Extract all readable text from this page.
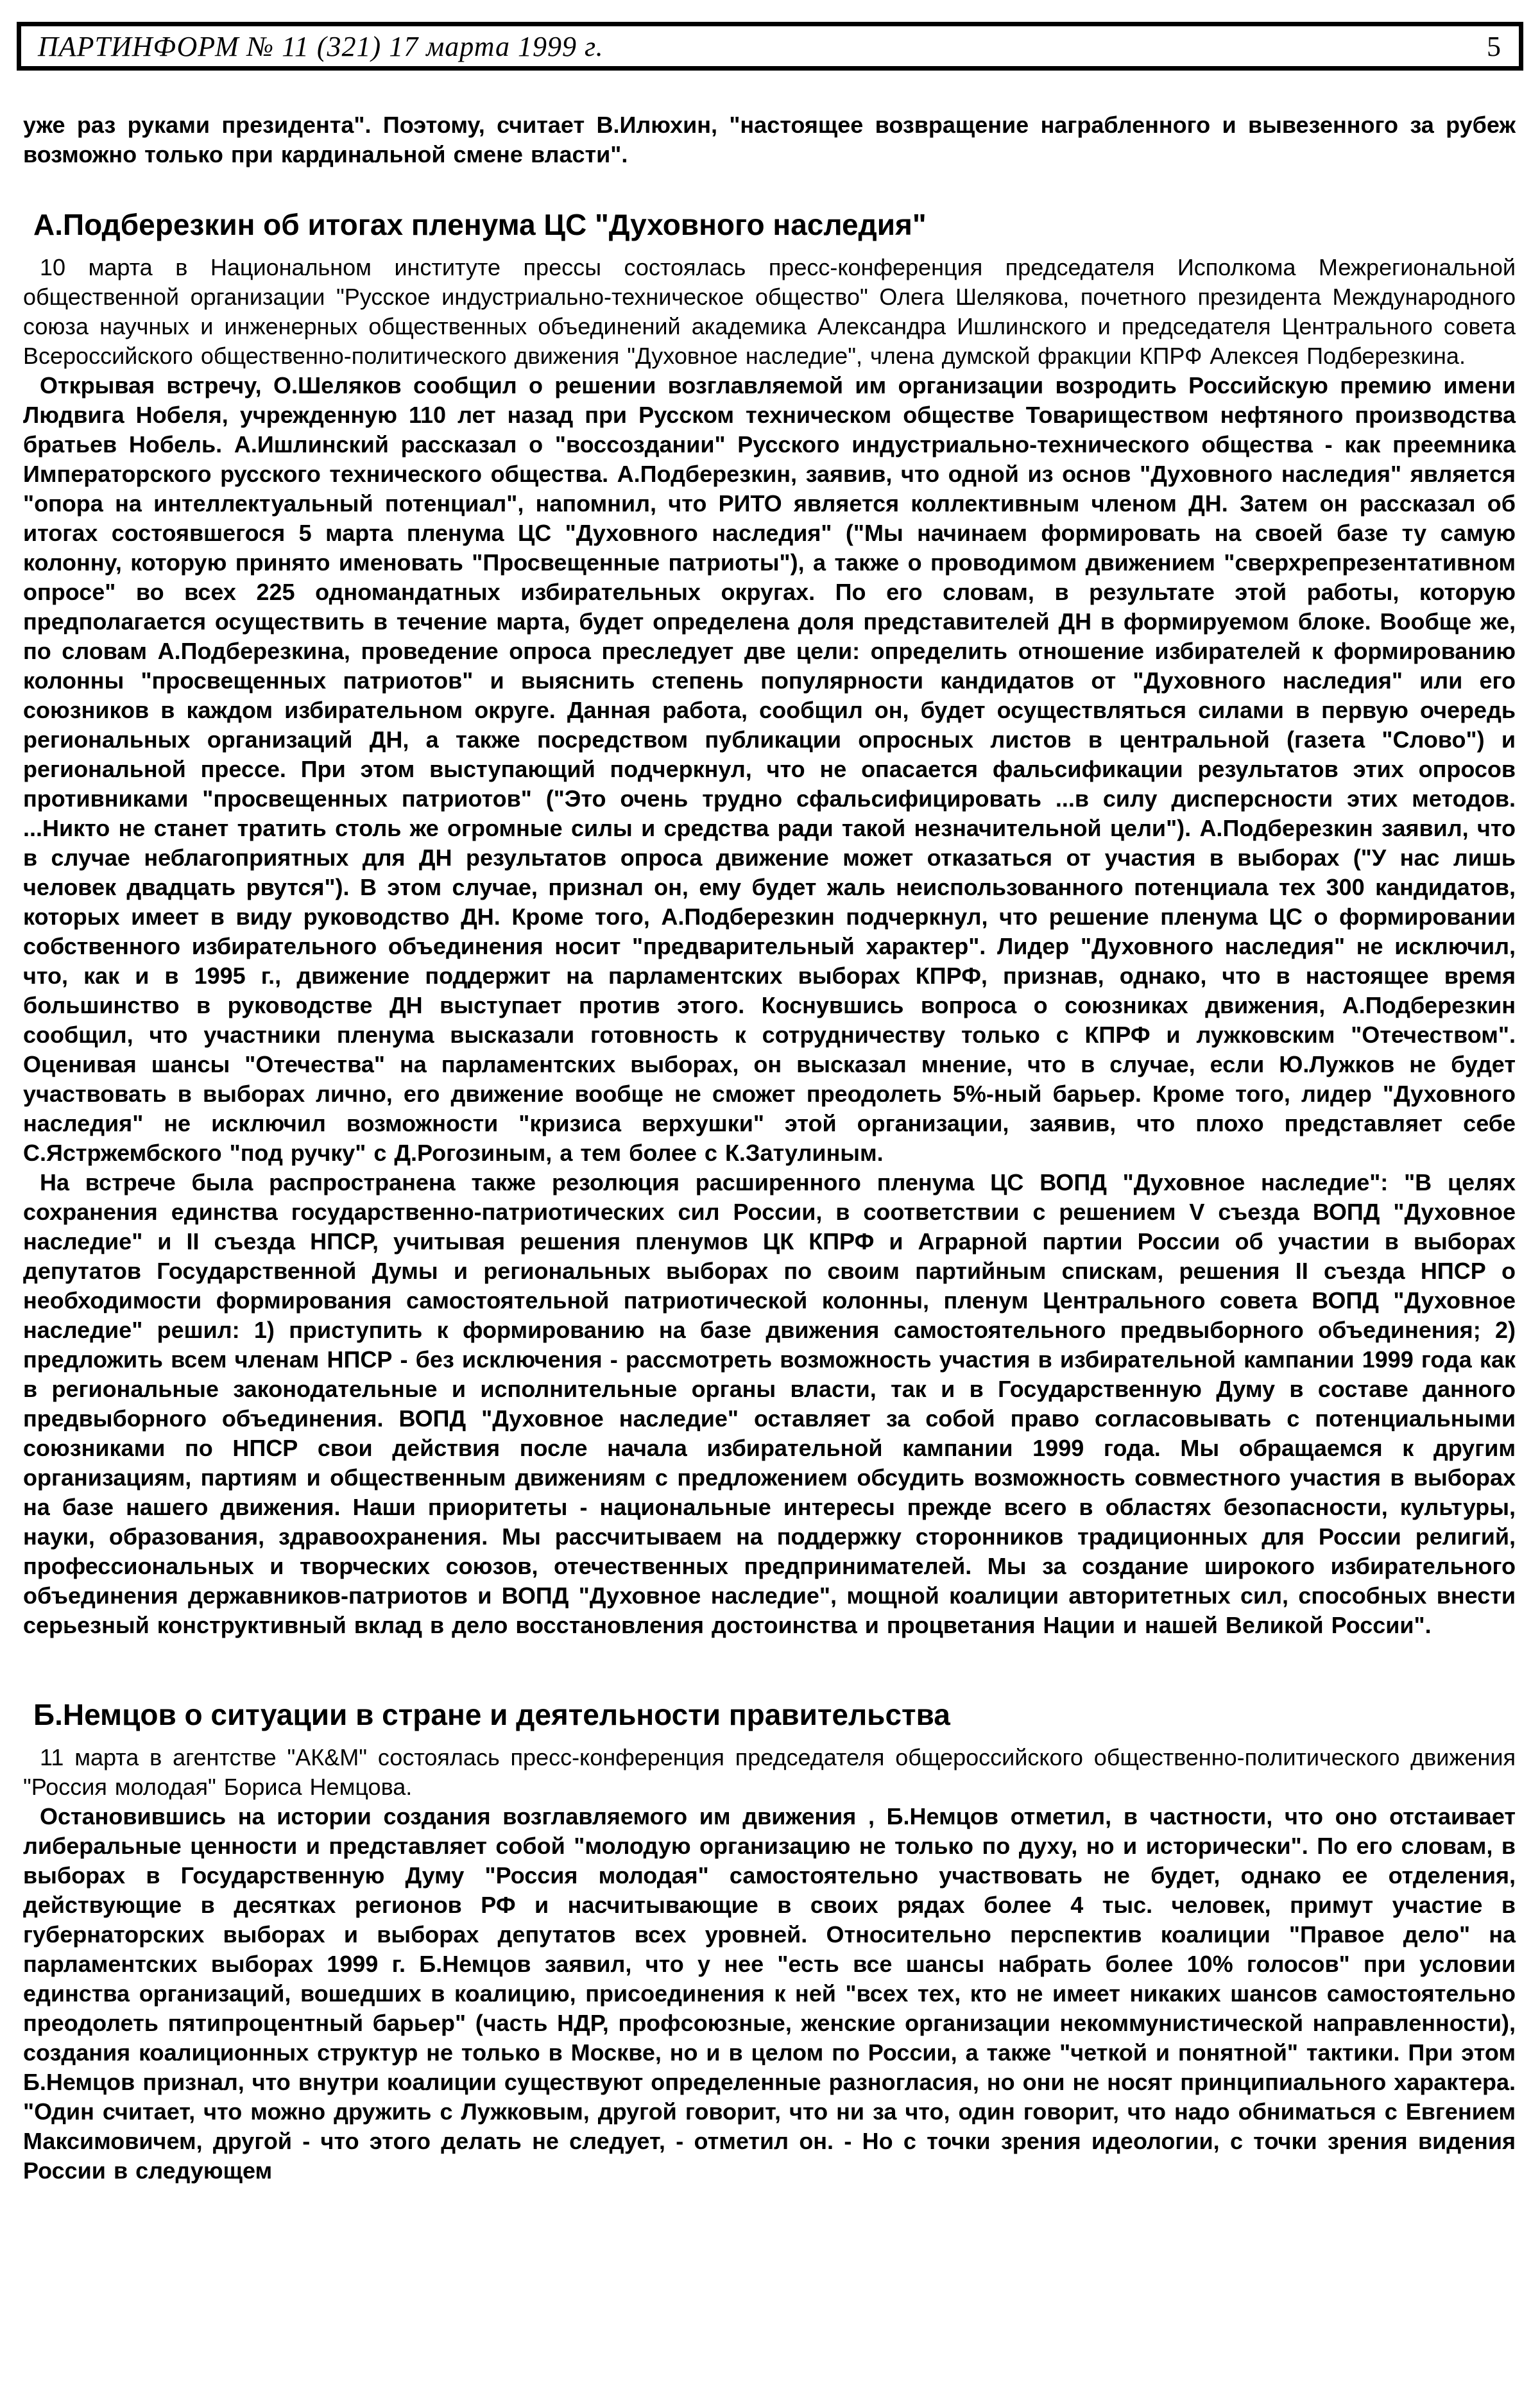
ПАРТИНФОРМ № 11 (321) 17 марта 1999 г.	5

уже раз руками президента". Поэтому, считает В.Илюхин, "настоящее возвращение награбленного и вывезенного за рубеж возможно только при кардинальной смене власти".

А.Подберезкин об итогах пленума ЦС "Духовного наследия"

10 марта в Национальном институте прессы состоялась пресс-конференция председателя Исполкома Межрегиональной общественной организации "Русское индустриально-техническое общество" Олега Шелякова, почетного президента Международного союза научных и инженерных общественных объединений академика Александра Ишлинского и председателя Центрального совета Всероссийского общественно-политического движения "Духовное наследие", члена думской фракции КПРФ Алексея Подберезкина.

Открывая встречу, О.Шеляков сообщил о решении возглавляемой им организации возродить Российскую премию имени Людвига Нобеля, учрежденную 110 лет назад при Русском техническом обществе Товариществом нефтяного производства братьев Нобель. А.Ишлинский рассказал о "воссоздании" Русского индустриально-технического общества - как преемника Императорского русского технического общества. А.Подберезкин, заявив, что одной из основ "Духовного наследия" является "опора на интеллектуальный потенциал", напомнил, что РИТО является коллективным членом ДН. Затем он рассказал об итогах состоявшегося 5 марта пленума ЦС "Духовного наследия" ("Мы начинаем формировать на своей базе ту самую колонну, которую принято именовать "Просвещенные патриоты"), а также о проводимом движением "сверхрепрезентативном опросе" во всех 225 одномандатных избирательных округах. По его словам, в результате этой работы, которую предполагается осуществить в течение марта, будет определена доля представителей ДН в формируемом блоке. Вообще же, по словам А.Подберезкина, проведение опроса преследует две цели: определить отношение избирателей к формированию колонны "просвещенных патриотов" и выяснить степень популярности кандидатов от "Духовного наследия" или его союзников в каждом избирательном округе. Данная работа, сообщил он, будет осуществляться силами в первую очередь региональных организаций ДН, а также посредством публикации опросных листов в центральной (газета "Слово") и региональной прессе. При этом выступающий подчеркнул, что не опасается фальсификации результатов этих опросов противниками "просвещенных патриотов" ("Это очень трудно сфальсифицировать ...в силу дисперсности этих методов. ...Никто не станет тратить столь же огромные силы и средства ради такой незначительной цели"). А.Подберезкин заявил, что в случае неблагоприятных для ДН результатов опроса движение может отказаться от участия в выборах ("У нас лишь человек двадцать рвутся"). В этом случае, признал он, ему будет жаль неиспользованного потенциала тех 300 кандидатов, которых имеет в виду руководство ДН. Кроме того, А.Подберезкин подчеркнул, что решение пленума ЦС о формировании собственного избирательного объединения носит "предварительный характер". Лидер "Духовного наследия" не исключил, что, как и в 1995 г., движение поддержит на парламентских выборах КПРФ, признав, однако, что в настоящее время большинство в руководстве ДН выступает против этого. Коснувшись вопроса о союзниках движения, А.Подберезкин сообщил, что участники пленума высказали готовность к сотрудничеству только с КПРФ и лужковским "Отечеством". Оценивая шансы "Отечества" на парламентских выборах, он высказал мнение, что в случае, если Ю.Лужков не будет участвовать в выборах лично, его движение вообще не сможет преодолеть 5%-ный барьер. Кроме того, лидер "Духовного наследия" не исключил возможности "кризиса верхушки" этой организации, заявив, что плохо представляет себе С.Ястржембского "под ручку" с Д.Рогозиным, а тем более с К.Затулиным.

На встрече была распространена также резолюция расширенного пленума ЦС ВОПД "Духовное наследие": "В целях сохранения единства государственно-патриотических сил России, в соответствии с решением V съезда ВОПД "Духовное наследие" и II съезда НПСР, учитывая решения пленумов ЦК КПРФ и Аграрной партии России об участии в выборах депутатов Государственной Думы и региональных выборах по своим партийным спискам, решения II съезда НПСР о необходимости формирования самостоятельной патриотической колонны, пленум Центрального совета ВОПД "Духовное наследие" решил: 1) приступить к формированию на базе движения самостоятельного предвыборного объединения; 2) предложить всем членам НПСР - без исключения - рассмотреть возможность участия в избирательной кампании 1999 года как в региональные законодательные и исполнительные органы власти, так и в Государственную Думу в составе данного предвыборного объединения. ВОПД "Духовное наследие" оставляет за собой право согласовывать с потенциальными союзниками по НПСР свои действия после начала избирательной кампании 1999 года. Мы обращаемся к другим организациям, партиям и общественным движениям с предложением обсудить возможность совместного участия в выборах на базе нашего движения. Наши приоритеты - национальные интересы прежде всего в областях безопасности, культуры, науки, образования, здравоохранения. Мы рассчитываем на поддержку сторонников традиционных для России религий, профессиональных и творческих союзов, отечественных предпринимателей. Мы за создание широкого избирательного объединения державников-патриотов и ВОПД "Духовное наследие", мощной коалиции авторитетных сил, способных внести серьезный конструктивный вклад в дело восстановления достоинства и процветания Нации и нашей Великой России".

Б.Немцов о ситуации в стране и деятельности правительства

11 марта в агентстве "АК&М" состоялась пресс-конференция председателя общероссийского общественно-политического движения "Россия молодая" Бориса Немцова.

Остановившись на истории создания возглавляемого им движения , Б.Немцов отметил, в частности, что оно отстаивает либеральные ценности и представляет собой "молодую организацию не только по духу, но и исторически". По его словам, в выборах в Государственную Думу "Россия молодая" самостоятельно участвовать не будет, однако ее отделения, действующие в десятках регионов РФ и насчитывающие в своих рядах более 4 тыс. человек, примут участие в губернаторских выборах и выборах депутатов всех уровней. Относительно перспектив коалиции "Правое дело" на парламентских выборах 1999 г. Б.Немцов заявил, что у нее "есть все шансы набрать более 10% голосов" при условии единства организаций, вошедших в коалицию, присоединения к ней "всех тех, кто не имеет никаких шансов самостоятельно преодолеть пятипроцентный барьер" (часть НДР, профсоюзные, женские организации некоммунистической направленности), создания коалиционных структур не только в Москве, но и в целом по России, а также "четкой и понятной" тактики. При этом Б.Немцов признал, что внутри коалиции существуют определенные разногласия, но они не носят принципиального характера. "Один считает, что можно дружить с Лужковым, другой говорит, что ни за что, один говорит, что надо обниматься с Евгением Максимовичем, другой - что этого делать не следует, - отметил он. - Но с точки зрения идеологии, с точки зрения видения России в следующем
